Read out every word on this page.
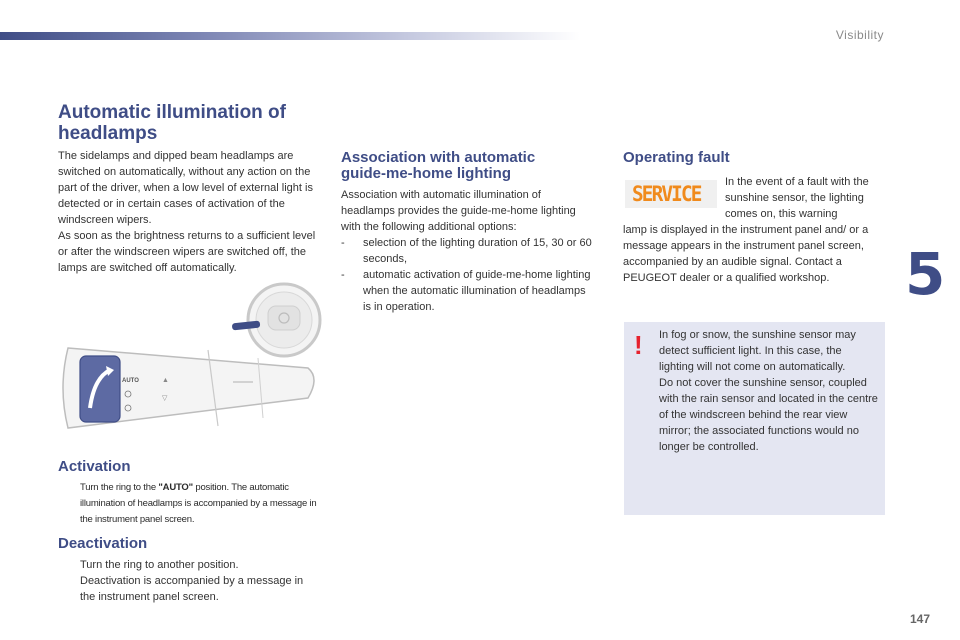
Visibility
5
147
Automatic illumination of
headlamps

The sidelamps and dipped beam headlamps are switched on automatically, without any action on the part of the driver, when a low level of external light is detected or in certain cases of activation of the windscreen wipers.

As soon as the brightness returns to a sufficient level or after the windscreen wipers are switched off, the lamps are switched off automatically.

AUTO	▲
▽
Activation
Turn the ring to the "AUTO" position. The automatic illumination of headlamps is accompanied by a message in the instrument panel screen.
Deactivation
Turn the ring to another position.
Deactivation is accompanied by a message in the instrument panel screen.
Association with automatic
guide-me-home lighting

Association with automatic illumination of headlamps provides the guide-me-home lighting with the following additional options:

-	selection of the lighting duration of 15, 30 or 60 seconds,
-	automatic activation of guide-me-home lighting when the automatic illumination of headlamps is in operation.
Operating fault
SERVICE In the event of a fault with the sunshine sensor, the lighting comes on, this warning
lamp is displayed in the instrument panel and/ or a message appears in the instrument panel screen, accompanied by an audible signal. Contact a PEUGEOT dealer or a qualified workshop.
! In fog or snow, the sunshine sensor may detect sufficient light. In this case, the lighting will not come on automatically.

Do not cover the sunshine sensor, coupled with the rain sensor and located in the centre of the windscreen behind the rear view mirror; the associated functions would no longer be controlled.
